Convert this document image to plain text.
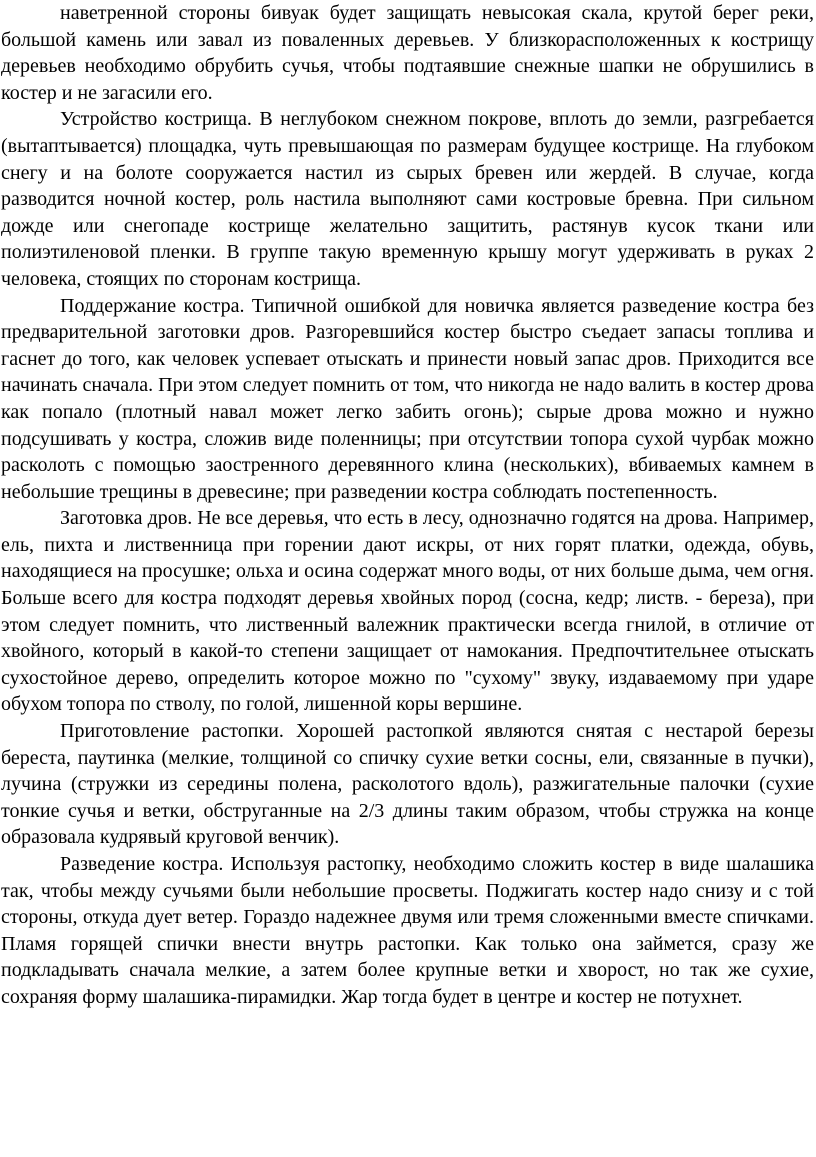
наветренной стороны бивуак будет защищать невысокая скала, крутой берег реки, большой камень или завал из поваленных деревьев. У близкорасположенных к кострищу деревьев необходимо обрубить сучья, чтобы подтаявшие снежные шапки не обрушились в костер и не загасили его.

Устройство кострища. В неглубоком снежном покрове, вплоть до земли, разгребается (вытаптывается) площадка, чуть превышающая по размерам будущее кострище. На глубоком снегу и на болоте сооружается настил из сырых бревен или жердей. В случае, когда разводится ночной костер, роль настила выполняют сами костровые бревна. При сильном дожде или снегопаде кострище желательно защитить, растянув кусок ткани или полиэтиленовой пленки. В группе такую временную крышу могут удерживать в руках 2 человека, стоящих по сторонам кострища.

Поддержание костра. Типичной ошибкой для новичка является разведение костра без предварительной заготовки дров. Разгоревшийся костер быстро съедает запасы топлива и гаснет до того, как человек успевает отыскать и принести новый запас дров. Приходится все начинать сначала. При этом следует помнить от том, что никогда не надо валить в костер дрова как попало (плотный навал может легко забить огонь); сырые дрова можно и нужно подсушивать у костра, сложив виде поленницы; при отсутствии топора сухой чурбак можно расколоть с помощью заостренного деревянного клина (нескольких), вбиваемых камнем в небольшие трещины в древесине; при разведении костра соблюдать постепенность.

Заготовка дров. Не все деревья, что есть в лесу, однозначно годятся на дрова. Например, ель, пихта и лиственница при горении дают искры, от них горят платки, одежда, обувь, находящиеся на просушке; ольха и осина содержат много воды, от них больше дыма, чем огня. Больше всего для костра подходят деревья хвойных пород (сосна, кедр; листв. - береза), при этом следует помнить, что лиственный валежник практически всегда гнилой, в отличие от хвойного, который в какой-то степени защищает от намокания. Предпочтительнее отыскать сухостойное дерево, определить которое можно по "сухому" звуку, издаваемому при ударе обухом топора по стволу, по голой, лишенной коры вершине.

Приготовление растопки. Хорошей растопкой являются снятая с нестарой березы береста, паутинка (мелкие, толщиной со спичку сухие ветки сосны, ели, связанные в пучки), лучина (стружки из середины полена, расколотого вдоль), разжигательные палочки (сухие тонкие сучья и ветки, обструганные на 2/3 длины таким образом, чтобы стружка на конце образовала кудрявый круговой венчик).

Разведение костра. Используя растопку, необходимо сложить костер в виде шалашика так, чтобы между сучьями были небольшие просветы. Поджигать костер надо снизу и с той стороны, откуда дует ветер. Гораздо надежнее двумя или тремя сложенными вместе спичками. Пламя горящей спички внести внутрь растопки. Как только она займется, сразу же подкладывать сначала мелкие, а затем более крупные ветки и хворост, но так же сухие, сохраняя форму шалашика-пирамидки. Жар тогда будет в центре и костер не потухнет.
